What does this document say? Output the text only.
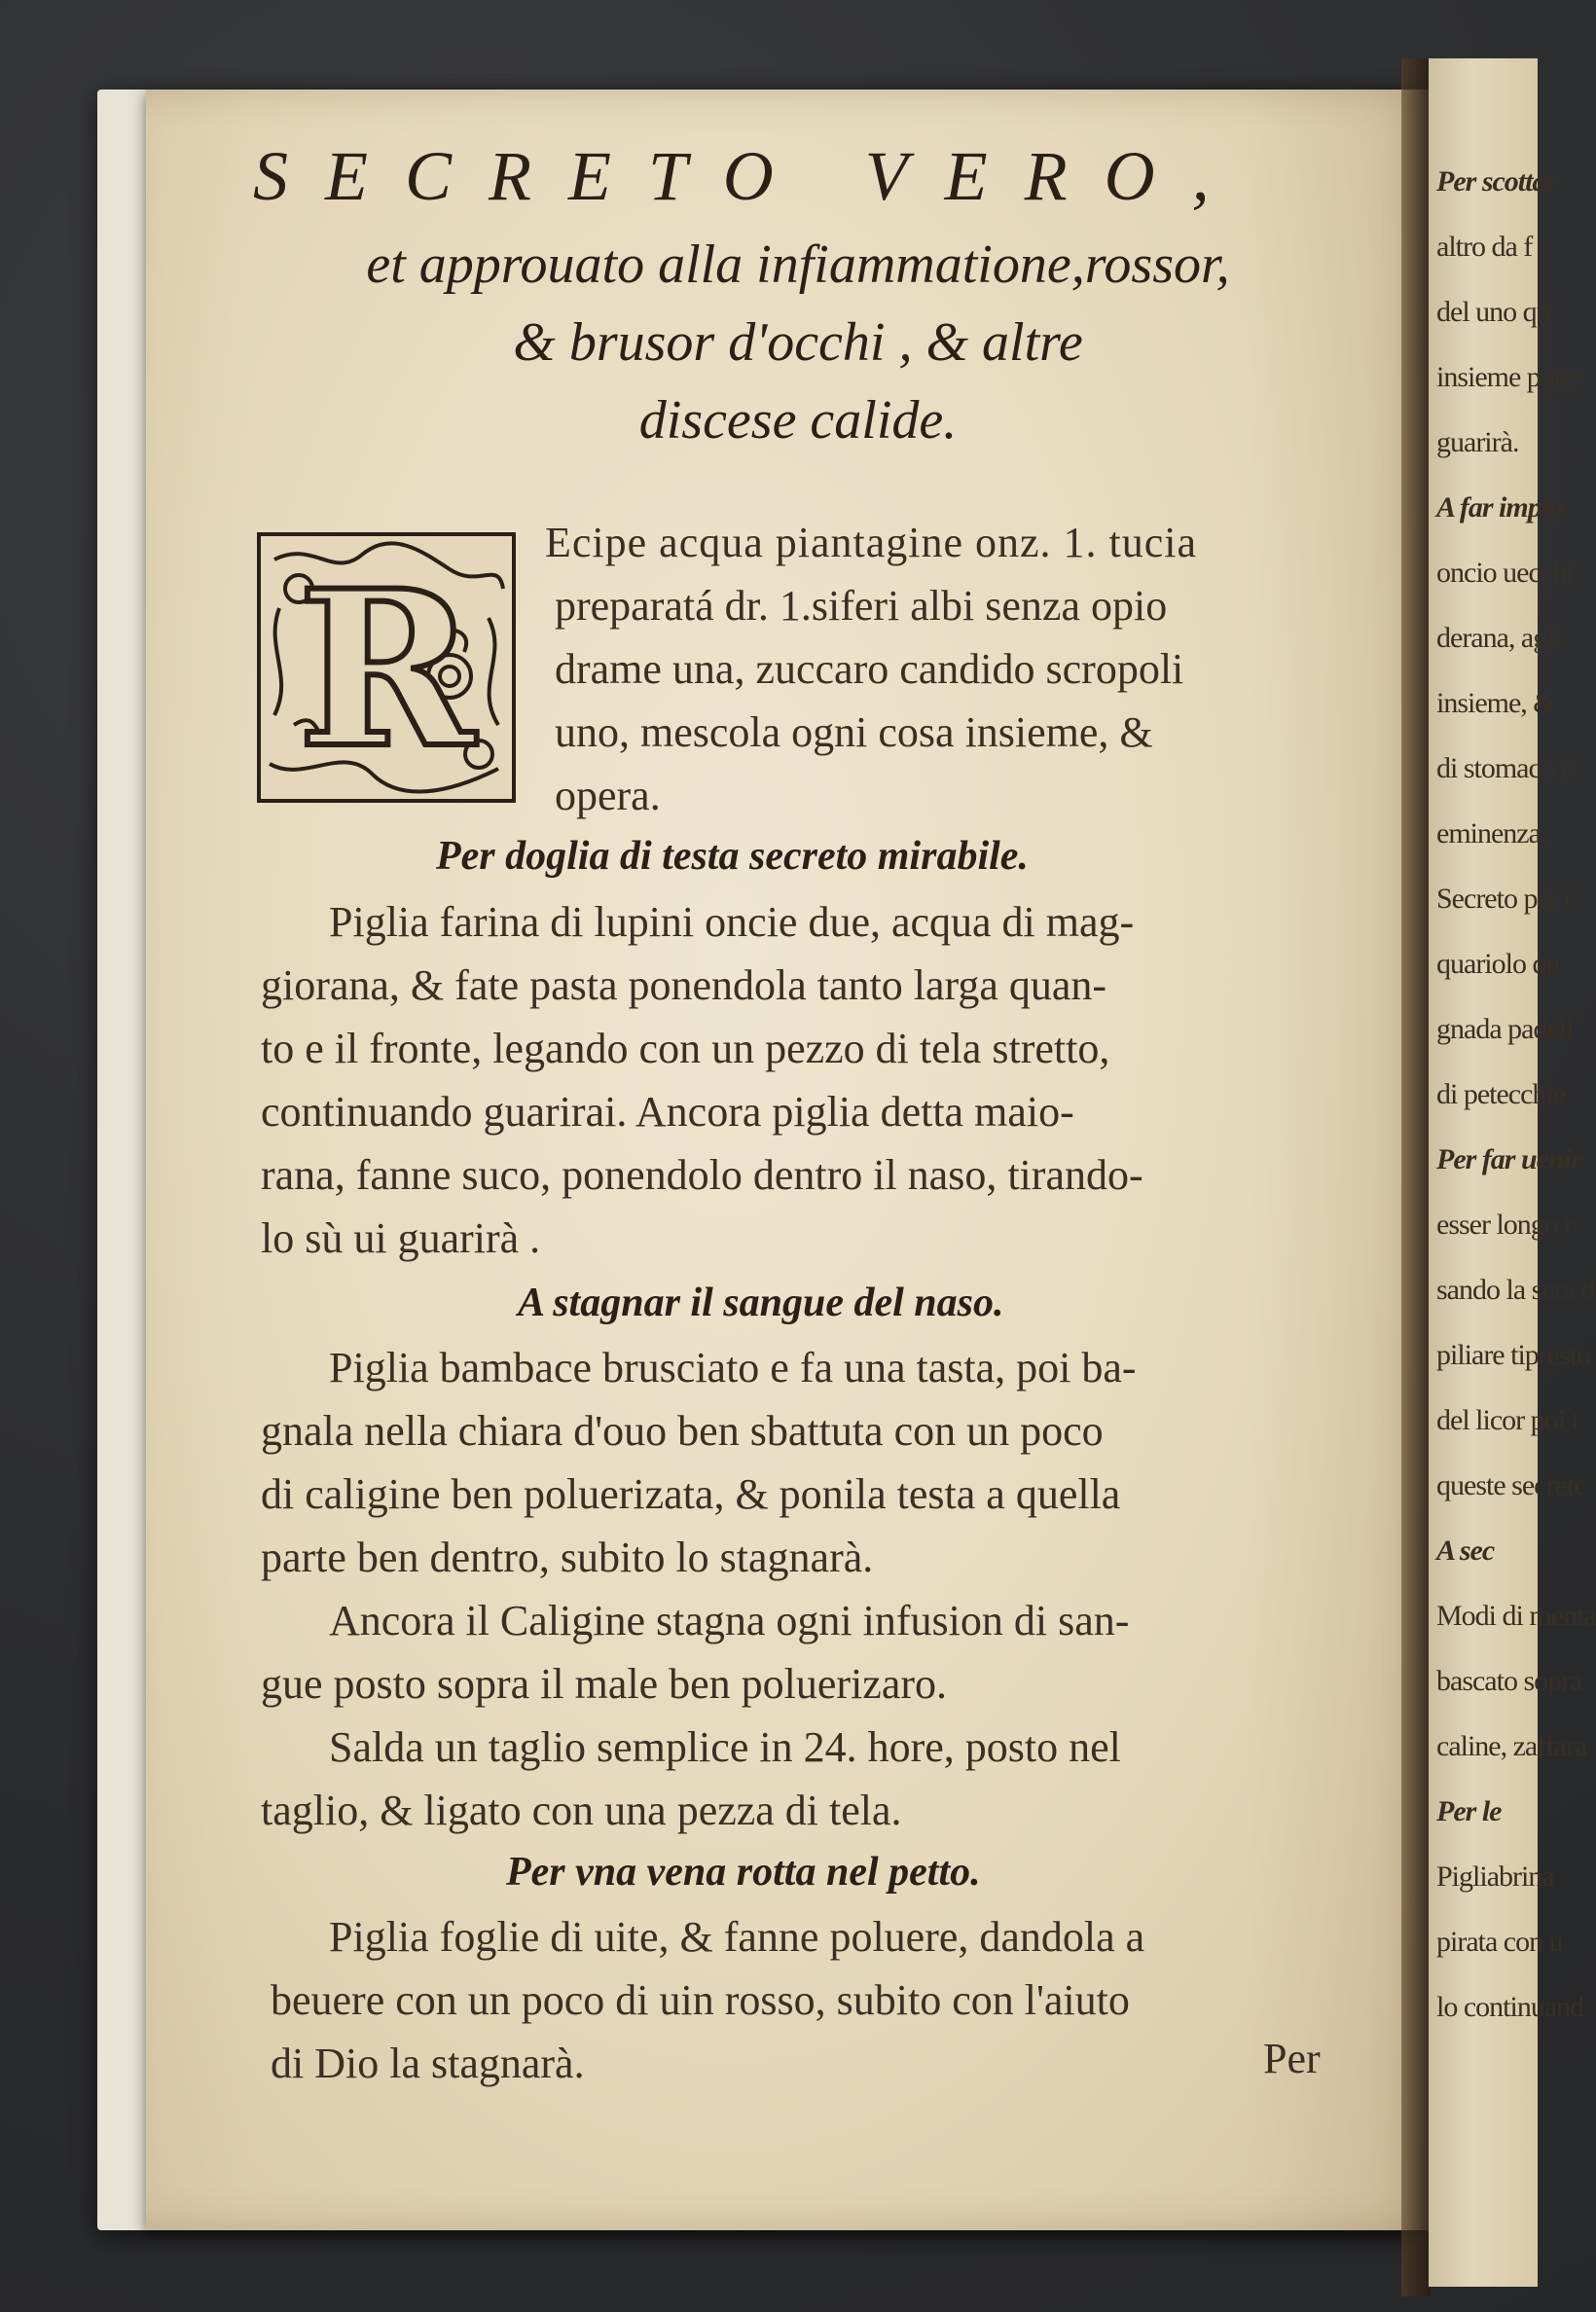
Per scottat
altro da f
del uno qu
insieme pone
guarirà.
A far impia
oncio uecchi
derana, agli
insieme, &
di stomaco e
eminenza.
Secreto per c
quariolo qu
gnada padell
di petecchie
Per far uenir
esser longo r
sando la sera d
piliare tipresto
del licor poi t
queste secretc
A sec
Modi di menta
bascato sopra
caline, zaffara
Per le
Pigliabrina
pirata con u
lo continuand
SECRETO VERO,
et approuato alla infiammatione,rossor,
& brusor d'occhi , & altre
discese calide.
R
Ecipe acqua piantagine onz. 1. tucia
preparatá dr. 1.siferi albi senza opio
drame una, zuccaro candido scropoli
uno, mescola ogni cosa insieme, &
opera.
Per doglia di testa secreto mirabile.
Piglia farina di lupini oncie due, acqua di mag-
giorana, & fate pasta ponendola tanto larga quan-
to e il fronte, legando con un pezzo di tela stretto,
continuando guarirai. Ancora piglia detta maio-
rana, fanne suco, ponendolo dentro il naso, tirando-
lo sù ui guarirà .
A stagnar il sangue del naso.
Piglia bambace brusciato e fa una tasta, poi ba-
gnala nella chiara d'ouo ben sbattuta con un poco
di caligine ben poluerizata, & ponila testa a quella
parte ben dentro, subito lo stagnarà.
Ancora il Caligine stagna ogni infusion di san-
gue posto sopra il male ben poluerizaro.
Salda un taglio semplice in 24. hore, posto nel
taglio, & ligato con una pezza di tela.
Per vna vena rotta nel petto.
Piglia foglie di uite, & fanne poluere, dandola a
beuere con un poco di uin rosso, subito con l'aiuto
di Dio la stagnarà.	Per
